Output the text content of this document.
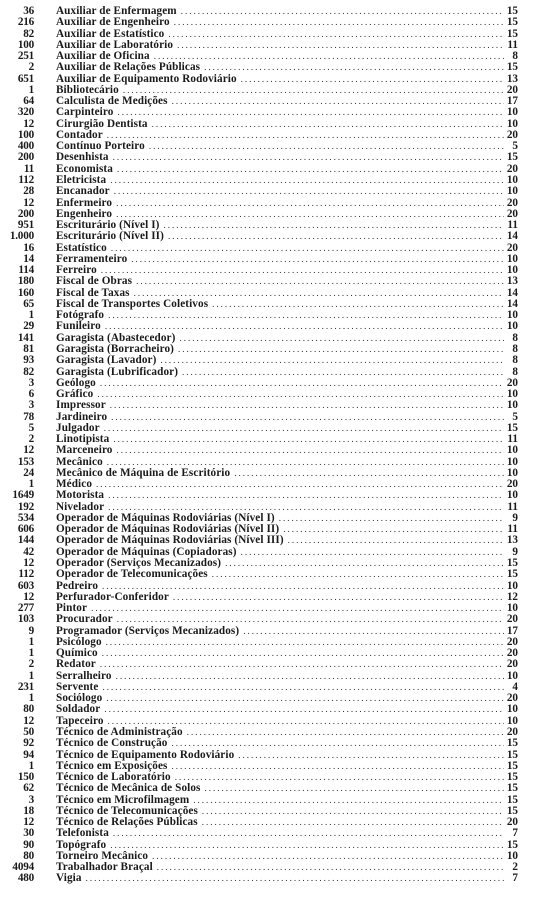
36	Auxiliar de Enfermagem .....	15
216	Auxiliar de Engenheiro .....	15
82	Auxiliar de Estatístico .....	15
100	Auxiliar de Laboratório .....	11
251	Auxiliar de Oficina .....	8
2	Auxiliar de Relações Públicas .....	15
651	Auxiliar de Equipamento Rodoviário .....	13
1	Bibliotecário .....	20
64	Calculista de Medições .....	17
320	Carpinteiro .....	10
12	Cirurgião Dentista .....	10
100	Contador .....	20
400	Contínuo Porteiro .....	5
200	Desenhista .....	15
11	Economista .....	20
112	Eletricista .....	10
28	Encanador .....	10
12	Enfermeiro .....	20
200	Engenheiro .....	20
951	Escriturário (Nível I) .....	11
1.000	Escriturário (Nível II) .....	14
16	Estatístico .....	20
14	Ferramenteiro .....	10
114	Ferreiro .....	10
180	Fiscal de Obras .....	13
160	Fiscal de Taxas .....	14
65	Fiscal de Transportes Coletivos .....	14
1	Fotógrafo .....	10
29	Funileiro .....	10
141	Garagista (Abastecedor) .....	8
81	Garagista (Borracheiro) .....	8
93	Garagista (Lavador) .....	8
82	Garagista (Lubrificador) .....	8
3	Geólogo .....	20
6	Gráfico .....	10
3	Impressor .....	10
78	Jardineiro .....	5
5	Julgador .....	15
2	Linotipista .....	11
12	Marceneiro .....	10
153	Mecânico .....	10
24	Mecânico de Máquina de Escritório .....	10
1	Médico .....	20
1649	Motorista .....	10
192	Nivelador .....	11
534	Operador de Máquinas Rodoviárias (Nível I) .....	9
606	Operador de Máquinas Rodoviárias (Nível II) .....	11
144	Operador de Máquinas Rodoviárias (Nível III) .....	13
42	Operador de Máquinas (Copiadoras) .....	9
12	Operador (Serviços Mecanizados) .....	15
112	Operador de Telecomunicações .....	15
603	Pedreiro .....	10
12	Perfurador-Conferidor .....	12
277	Pintor .....	10
103	Procurador .....	20
9	Programador (Serviços Mecanizados) .....	17
1	Psicólogo .....	20
1	Químico .....	20
2	Redator .....	20
1	Serralheiro .....	10
231	Servente .....	4
1	Sociólogo .....	20
80	Soldador .....	10
12	Tapeceiro .....	10
50	Técnico de Administração .....	20
92	Técnico de Construção .....	15
94	Técnico de Equipamento Rodoviário .....	15
1	Técnico em Exposições .....	15
150	Técnico de Laboratório .....	15
62	Técnico de Mecânica de Solos .....	15
3	Técnico em Microfilmagem .....	15
18	Técnico de Telecomunicações .....	15
12	Técnico de Relações Públicas .....	20
30	Telefonista .....	7
90	Topógrafo .....	15
80	Torneiro Mecânico .....	10
4094	Trabalhador Braçal .....	2
480	Vigia .....	7
